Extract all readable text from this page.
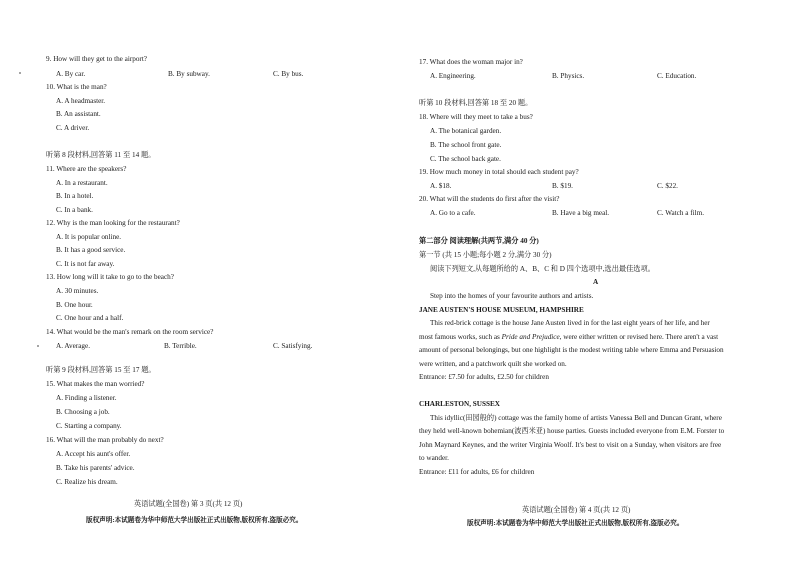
9. How will they get to the airport?
A. By car.	B. By subway.	C. By bus.
10. What is the man?
A. A headmaster.
B. An assistant.
C. A driver.
听第 8 段材料,回答第 11 至 14 题。
11. Where are the speakers?
A. In a restaurant.
B. In a hotel.
C. In a bank.
12. Why is the man looking for the restaurant?
A. It is popular online.
B. It has a good service.
C. It is not far away.
13. How long will it take to go to the beach?
A. 30 minutes.
B. One hour.
C. One hour and a half.
14. What would be the man's remark on the room service?
A. Average.	B. Terrible.	C. Satisfying.
听第 9 段材料,回答第 15 至 17 题。
15. What makes the man worried?
A. Finding a listener.
B. Choosing a job.
C. Starting a company.
16. What will the man probably do next?
A. Accept his aunt's offer.
B. Take his parents' advice.
C. Realize his dream.
英语试题(全国卷) 第 3 页(共 12 页)
版权声明:本试题卷为华中师范大学出版社正式出版物,版权所有,盗版必究。
17. What does the woman major in?
A. Engineering.	B. Physics.	C. Education.
听第 10 段材料,回答第 18 至 20 题。
18. Where will they meet to take a bus?
A. The botanical garden.
B. The school front gate.
C. The school back gate.
19. How much money in total should each student pay?
A. $18.	B. $19.	C. $22.
20. What will the students do first after the visit?
A. Go to a cafe.	B. Have a big meal.	C. Watch a film.
第二部分 阅读理解(共两节,满分 40 分)
第一节 (共 15 小题;每小题 2 分,满分 30 分)
阅读下列短文,从每题所给的 A、B、C 和 D 四个选项中,选出最佳选项。
A
Step into the homes of your favourite authors and artists.
JANE AUSTEN'S HOUSE MUSEUM, HAMPSHIRE
This red-brick cottage is the house Jane Austen lived in for the last eight years of her life, and her
most famous works, such as Pride and Prejudice, were either written or revised here. There aren't a vast
amount of personal belongings, but one highlight is the modest writing table where Emma and Persuasion
were written, and a patchwork quilt she worked on.
Entrance: £7.50 for adults, £2.50 for children
CHARLESTON, SUSSEX
This idyllic(田园般的) cottage was the family home of artists Vanessa Bell and Duncan Grant, where
they held well-known bohemian(波西米亚) house parties. Guests included everyone from E.M. Forster to
John Maynard Keynes, and the writer Virginia Woolf. It's best to visit on a Sunday, when visitors are free
to wander.
Entrance: £11 for adults, £6 for children
英语试题(全国卷) 第 4 页(共 12 页)
版权声明:本试题卷为华中师范大学出版社正式出版物,版权所有,盗版必究。
